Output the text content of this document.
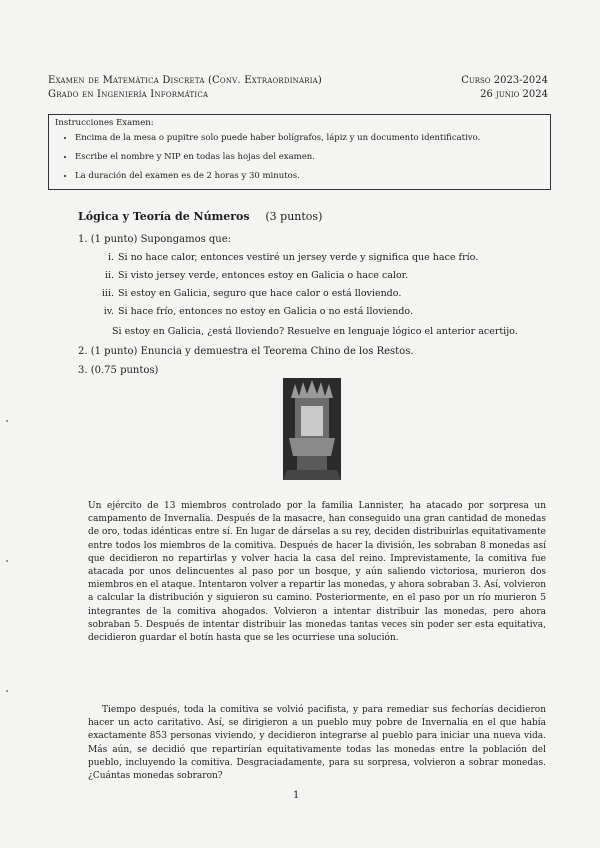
Examen de Matemática Discreta (Conv. Extraordinaria)
Grado en Ingeniería Informática
Curso 2023-2024
26 junio 2024
Instrucciones Examen:
• Encima de la mesa o pupitre solo puede haber bolígrafos, lápiz y un documento identificativo.
• Escribe el nombre y NIP en todas las hojas del examen.
• La duración del examen es de 2 horas y 30 minutos.
Lógica y Teoría de Números (3 puntos)
1. (1 punto) Supongamos que:
i. Si no hace calor, entonces vestiré un jersey verde y significa que hace frío.
ii. Si visto jersey verde, entonces estoy en Galicia o hace calor.
iii. Si estoy en Galicia, seguro que hace calor o está lloviendo.
iv. Si hace frío, entonces no estoy en Galicia o no está lloviendo.
Si estoy en Galicia, ¿está lloviendo? Resuelve en lenguaje lógico el anterior acertijo.
2. (1 punto) Enuncia y demuestra el Teorema Chino de los Restos.
3. (0.75 puntos)
Un ejército de 13 miembros controlado por la familia Lannister, ha atacado por sorpresa un campamento de Invernalia. Después de la masacre, han conseguido una gran cantidad de monedas de oro, todas idénticas entre sí. En lugar de dárselas a su rey, deciden distribuirlas equitativamente entre todos los miembros de la comitiva. Después de hacer la división, les sobraban 8 monedas así que decidieron no repartirlas y volver hacia la casa del reino. Imprevistamente, la comitiva fue atacada por unos delincuentes al paso por un bosque, y aún saliendo victoriosa, murieron dos miembros en el ataque. Intentaron volver a repartir las monedas, y ahora sobraban 3. Así, volvieron a calcular la distribución y siguieron su camino. Posteriormente, en el paso por un río murieron 5 integrantes de la comitiva ahogados. Volvieron a intentar distribuir las monedas, pero ahora sobraban 5. Después de intentar distribuir las monedas tantas veces sin poder ser esta equitativa, decidieron guardar el botín hasta que se les ocurriese una solución.
Tiempo después, toda la comitiva se volvió pacifista, y para remediar sus fechorías decidieron hacer un acto caritativo. Así, se dirigieron a un pueblo muy pobre de Invernalia en el que había exactamente 853 personas viviendo, y decidieron integrarse al pueblo para iniciar una nueva vida. Más aún, se decidió que repartirían equitativamente todas las monedas entre la población del pueblo, incluyendo la comitiva. Desgraciadamente, para su sorpresa, volvieron a sobrar monedas. ¿Cuántas monedas sobraron?
1
